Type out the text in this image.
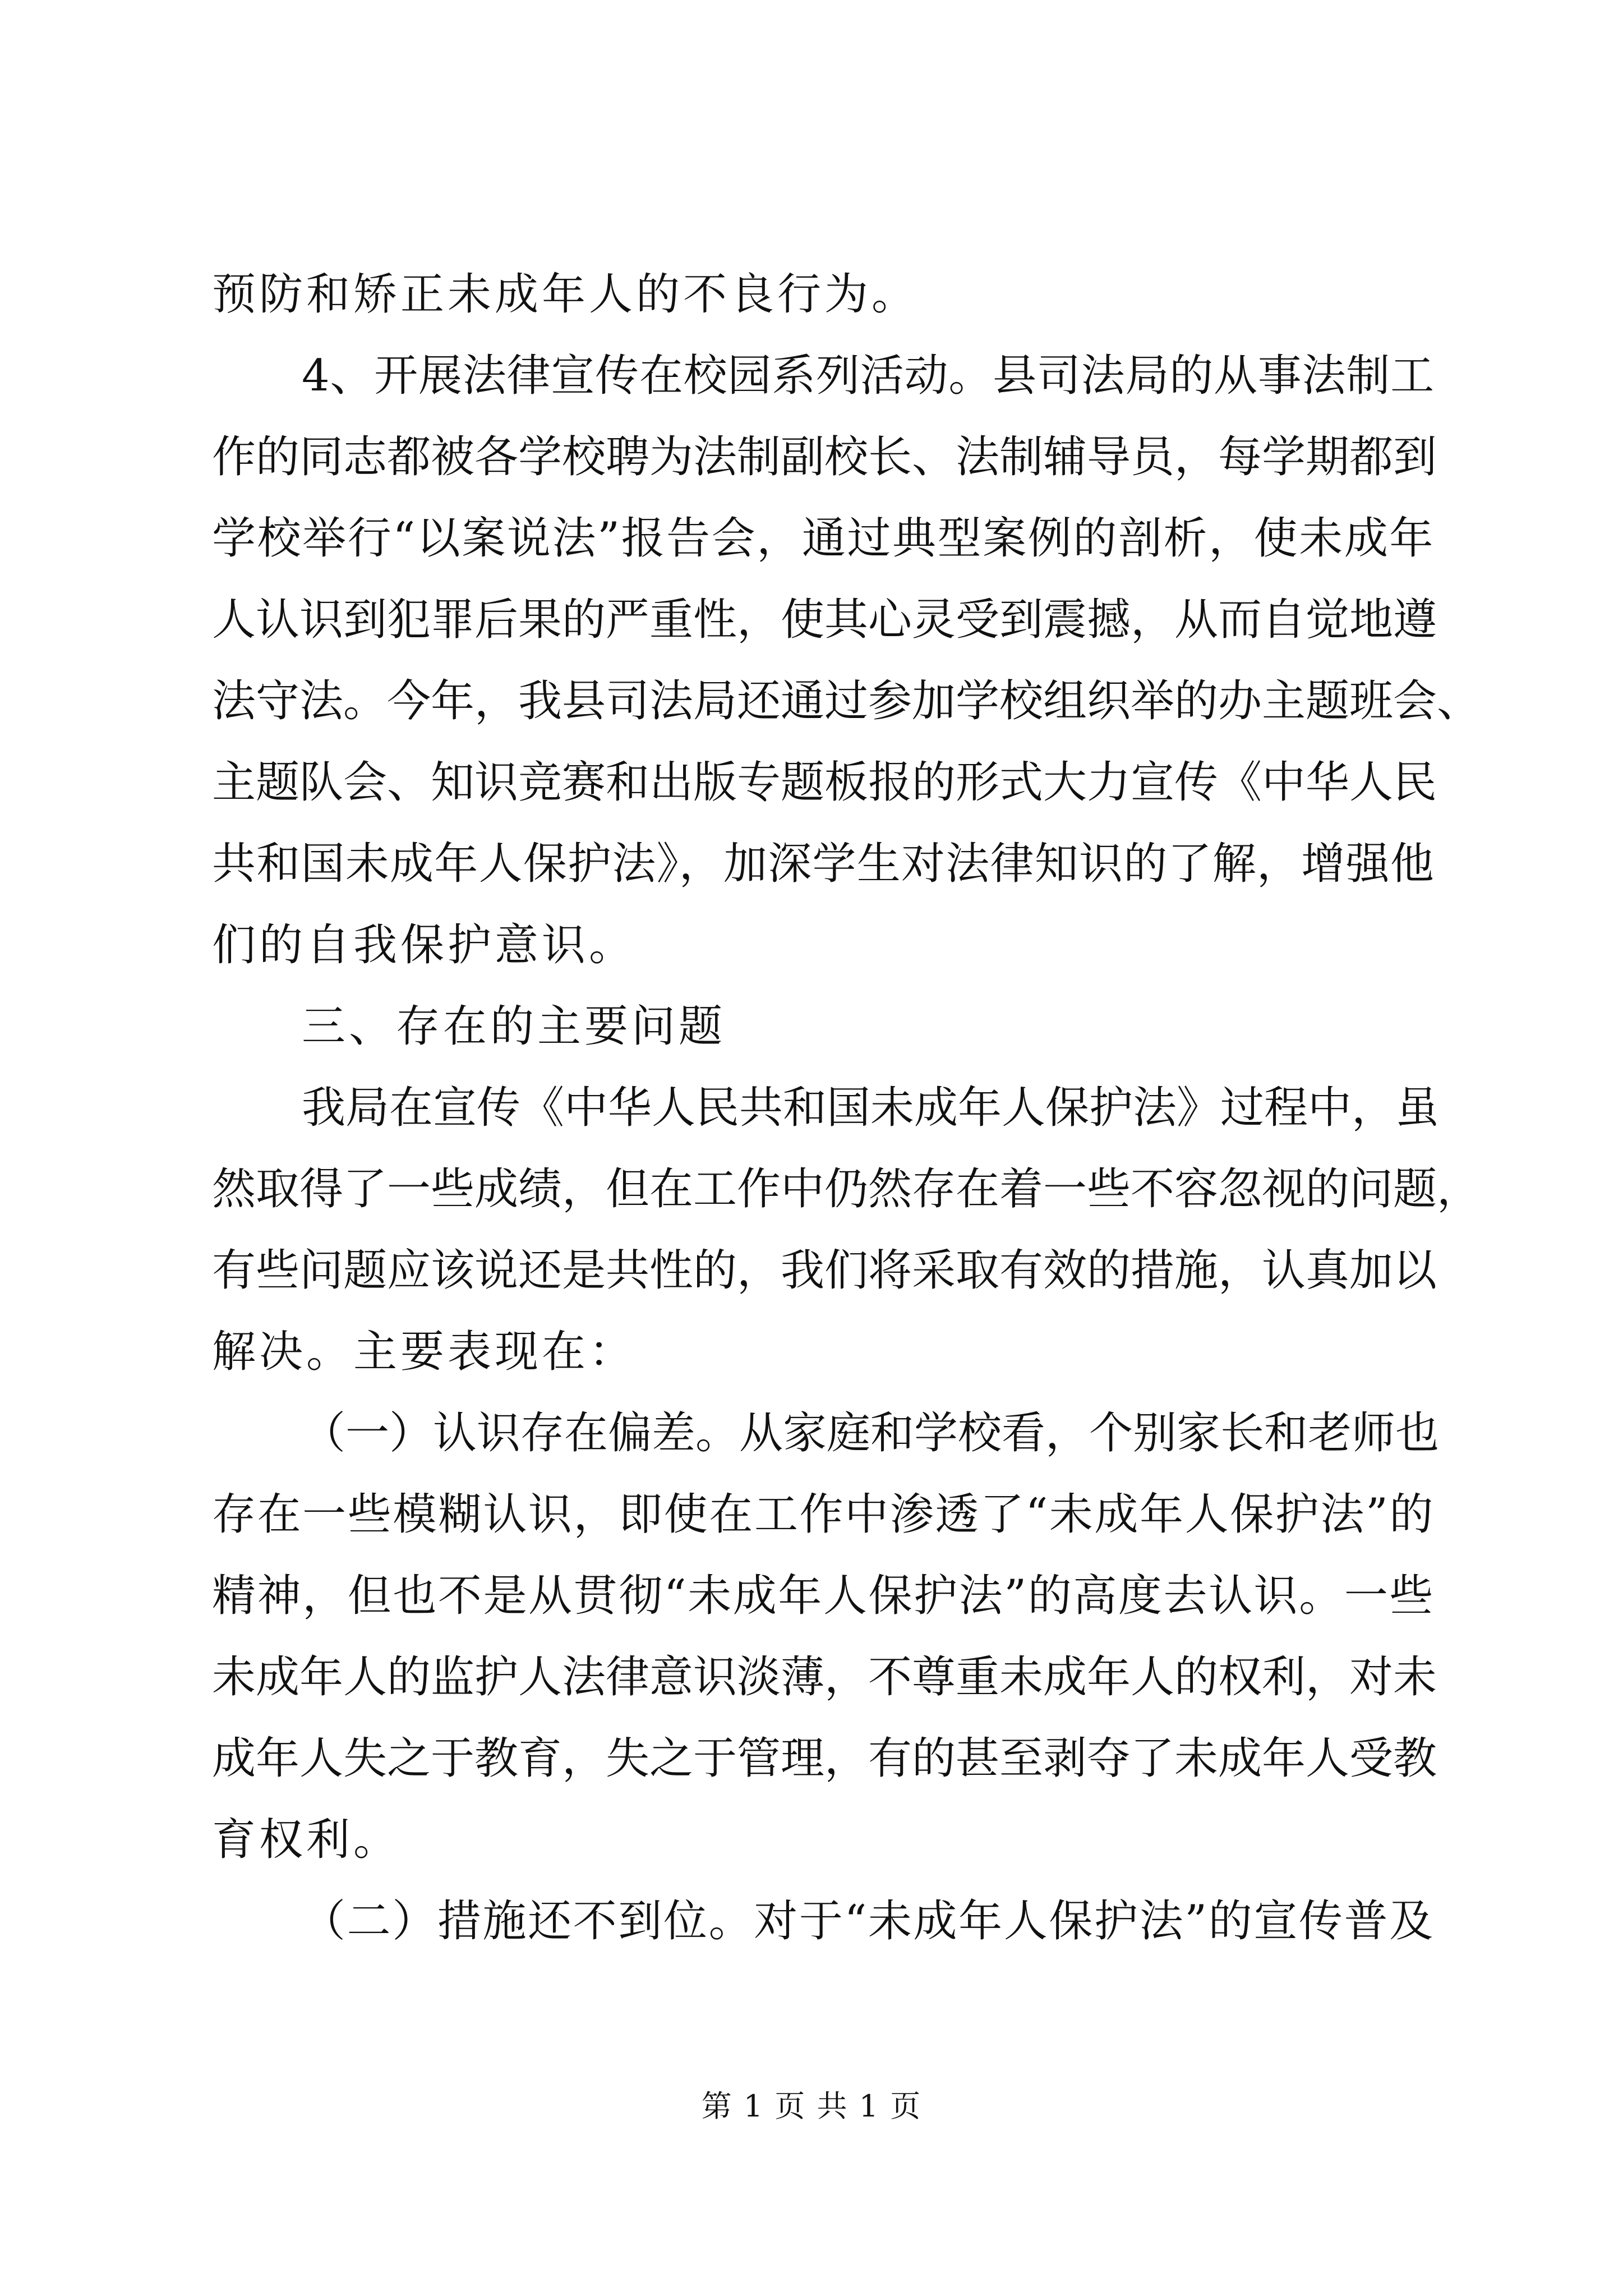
预防和矫正未成年人的不良行为。
4、开展法律宣传在校园系列活动。县司法局的从事法制工
作的同志都被各学校聘为法制副校长、法制辅导员，每学期都到
学校举行“以案说法”报告会，通过典型案例的剖析，使未成年
人认识到犯罪后果的严重性，使其心灵受到震撼，从而自觉地遵
法守法。今年，我县司法局还通过参加学校组织举的办主题班会、
主题队会、知识竞赛和出版专题板报的形式大力宣传《中华人民
共和国未成年人保护法》，加深学生对法律知识的了解，增强他
们的自我保护意识。
三、存在的主要问题
我局在宣传《中华人民共和国未成年人保护法》过程中，虽
然取得了一些成绩，但在工作中仍然存在着一些不容忽视的问题，
有些问题应该说还是共性的，我们将采取有效的措施，认真加以
解决。主要表现在：
（一）认识存在偏差。从家庭和学校看，个别家长和老师也
存在一些模糊认识，即使在工作中渗透了“未成年人保护法”的
精神，但也不是从贯彻“未成年人保护法”的高度去认识。一些
未成年人的监护人法律意识淡薄，不尊重未成年人的权利，对未
成年人失之于教育，失之于管理，有的甚至剥夺了未成年人受教
育权利。
（二）措施还不到位。对于“未成年人保护法”的宣传普及
第 1 页 共 1 页
